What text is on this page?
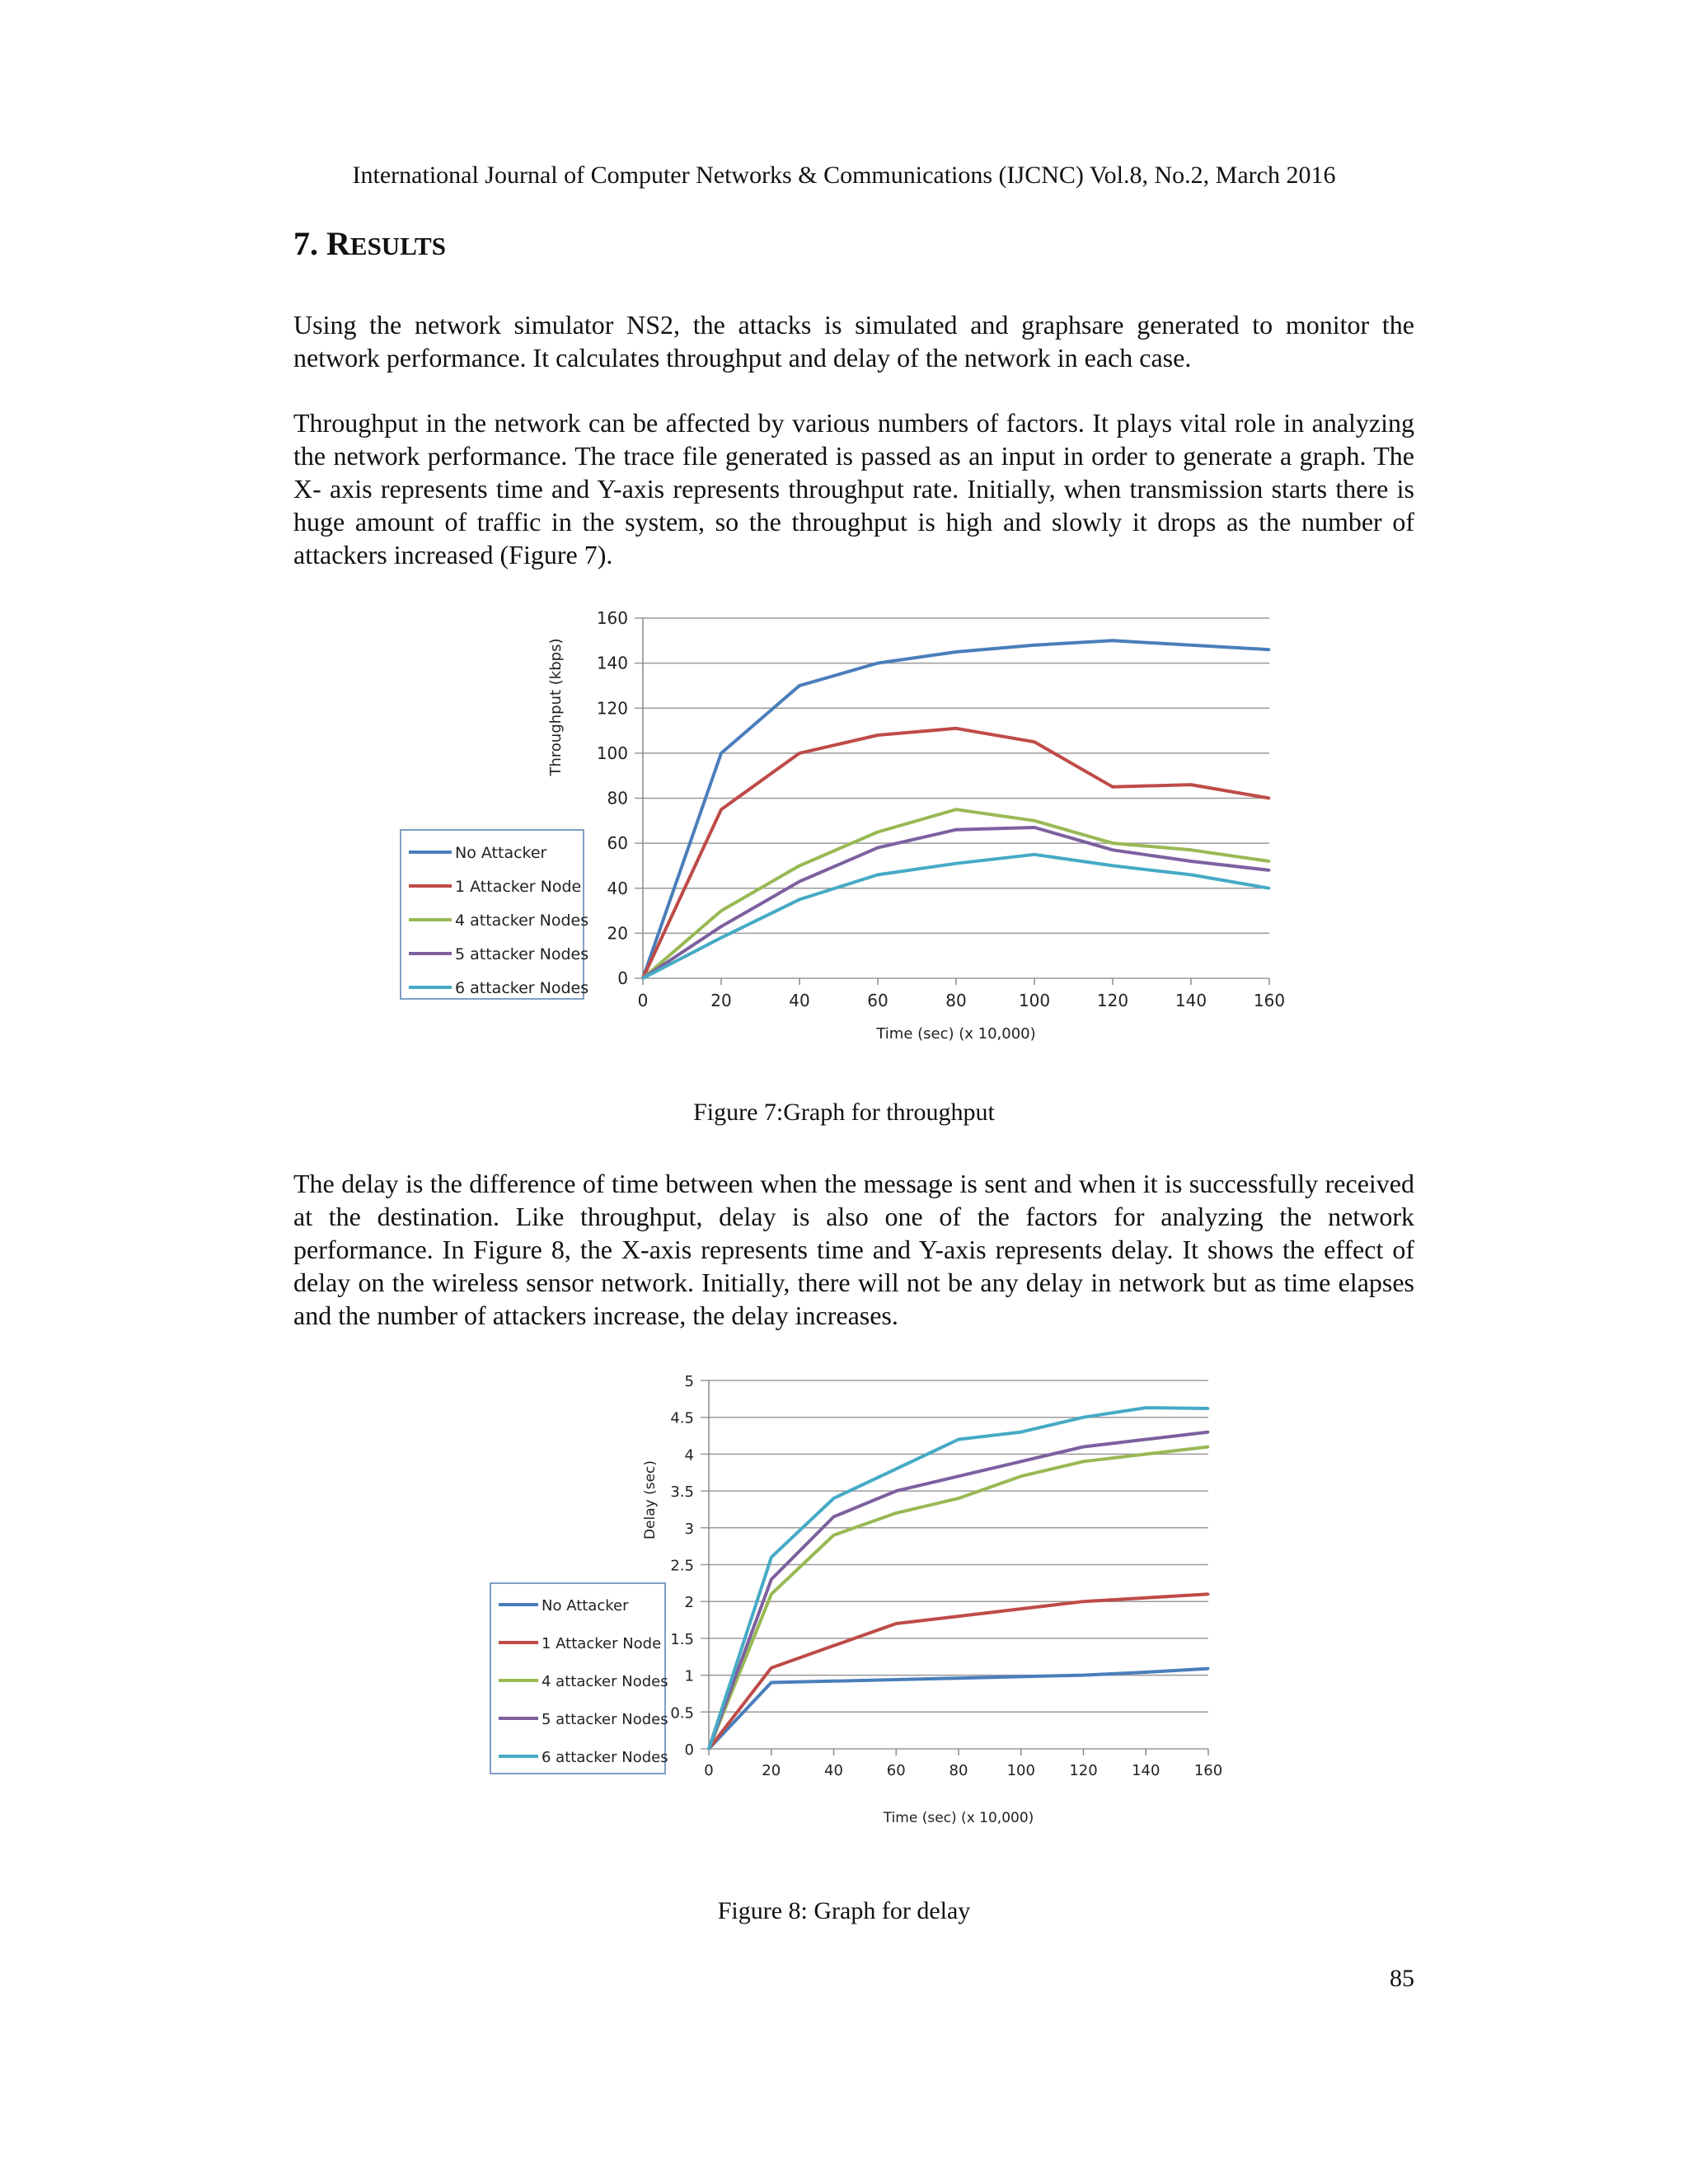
International Journal of Computer Networks & Communications (IJCNC) Vol.8, No.2, March 2016
7. RESULTS

Using the network simulator NS2, the attacks is simulated and graphsare generated to monitor the network performance. It calculates throughput and delay of the network in each case.

Throughput in the network can be affected by various numbers of factors. It plays vital role in analyzing the network performance. The trace file generated is passed as an input in order to generate a graph. The X- axis represents time and Y-axis represents throughput rate. Initially, when transmission starts there is huge amount of traffic in the system, so the throughput is high and slowly it drops as the number of attackers increased (Figure 7).

0
20
40
60
80
100
120
140
160
0	20	40	60	80	100	120	140	160
Time (sec) (x 10,000)
Throughput (kbps)
No Attacker
1 Attacker Node
4 attacker Nodes
5 attacker Nodes
6 attacker Nodes

Figure 7:Graph for throughput

The delay is the difference of time between when the message is sent and when it is successfully received at the destination. Like throughput, delay is also one of the factors for analyzing the network performance. In Figure 8, the X-axis represents time and Y-axis represents delay. It shows the effect of delay on the wireless sensor network. Initially, there will not be any delay in network but as time elapses and the number of attackers increase, the delay increases.

0
0.5
1
1.5
2
2.5
3
3.5
4
4.5
5
0	20	40	60	80	100 120 140 160
Time (sec) (x 10,000)
Delay (sec)
No Attacker
1 Attacker Node
4 attacker Nodes
5 attacker Nodes
6 attacker Nodes

Figure 8: Graph for delay

85
